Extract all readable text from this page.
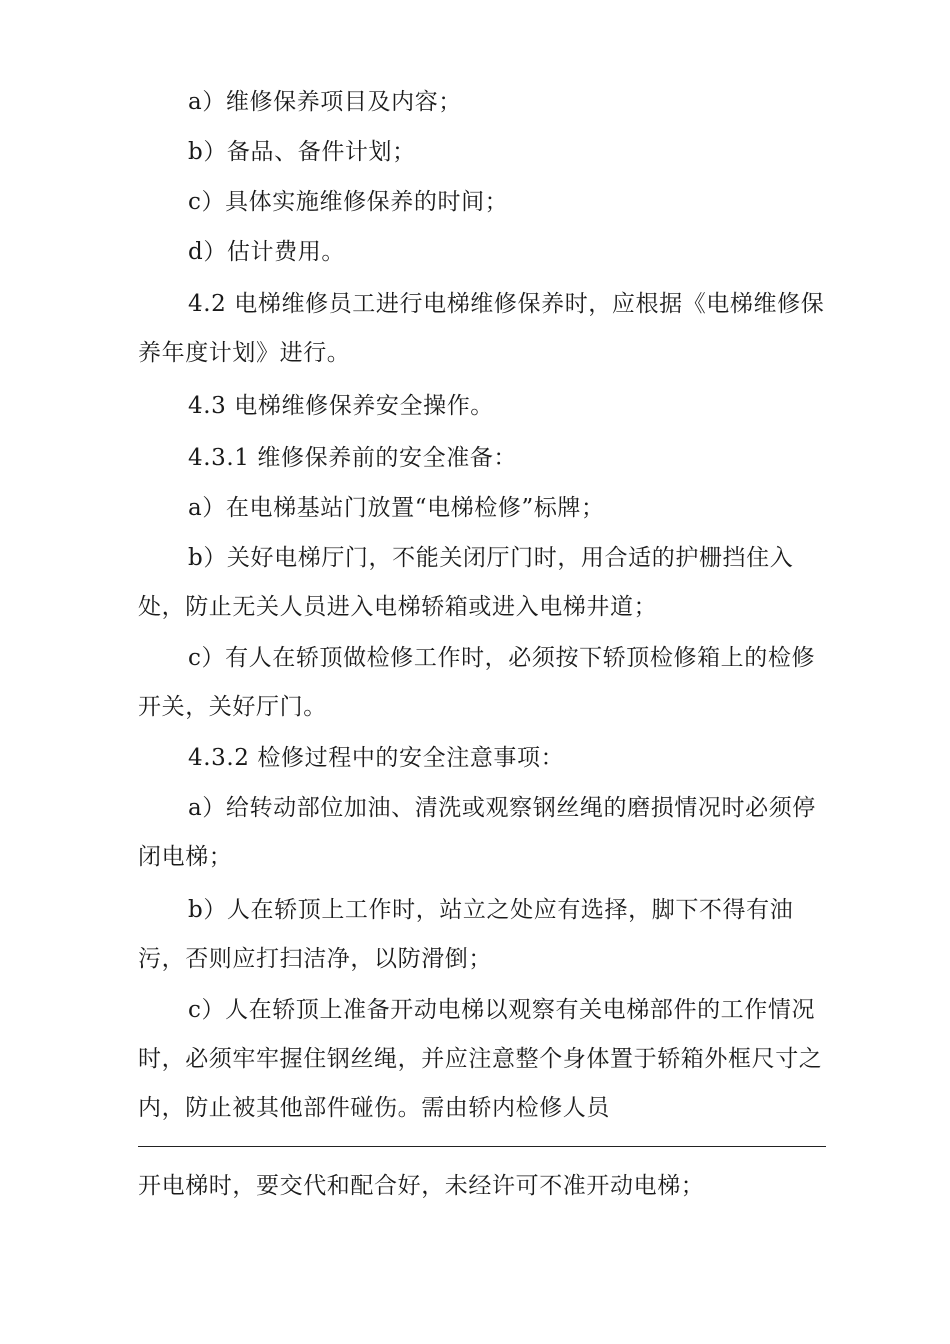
a）维修保养项目及内容；

b）备品、备件计划；

c）具体实施维修保养的时间；

d）估计费用。

4.2 电梯维修员工进行电梯维修保养时，应根据《电梯维修保养年度计划》进行。

4.3 电梯维修保养安全操作。

4.3.1 维修保养前的安全准备：

a）在电梯基站门放置“电梯检修”标牌；

b）关好电梯厅门，不能关闭厅门时，用合适的护栅挡住入处，防止无关人员进入电梯轿箱或进入电梯井道；

c）有人在轿顶做检修工作时，必须按下轿顶检修箱上的检修开关，关好厅门。

4.3.2 检修过程中的安全注意事项：

a）给转动部位加油、清洗或观察钢丝绳的磨损情况时必须停闭电梯；

b）人在轿顶上工作时，站立之处应有选择，脚下不得有油污，否则应打扫洁净，以防滑倒；

c）人在轿顶上准备开动电梯以观察有关电梯部件的工作情况时，必须牢牢握住钢丝绳，并应注意整个身体置于轿箱外框尺寸之内，防止被其他部件碰伤。需由轿内检修人员

开电梯时，要交代和配合好，未经许可不准开动电梯；
